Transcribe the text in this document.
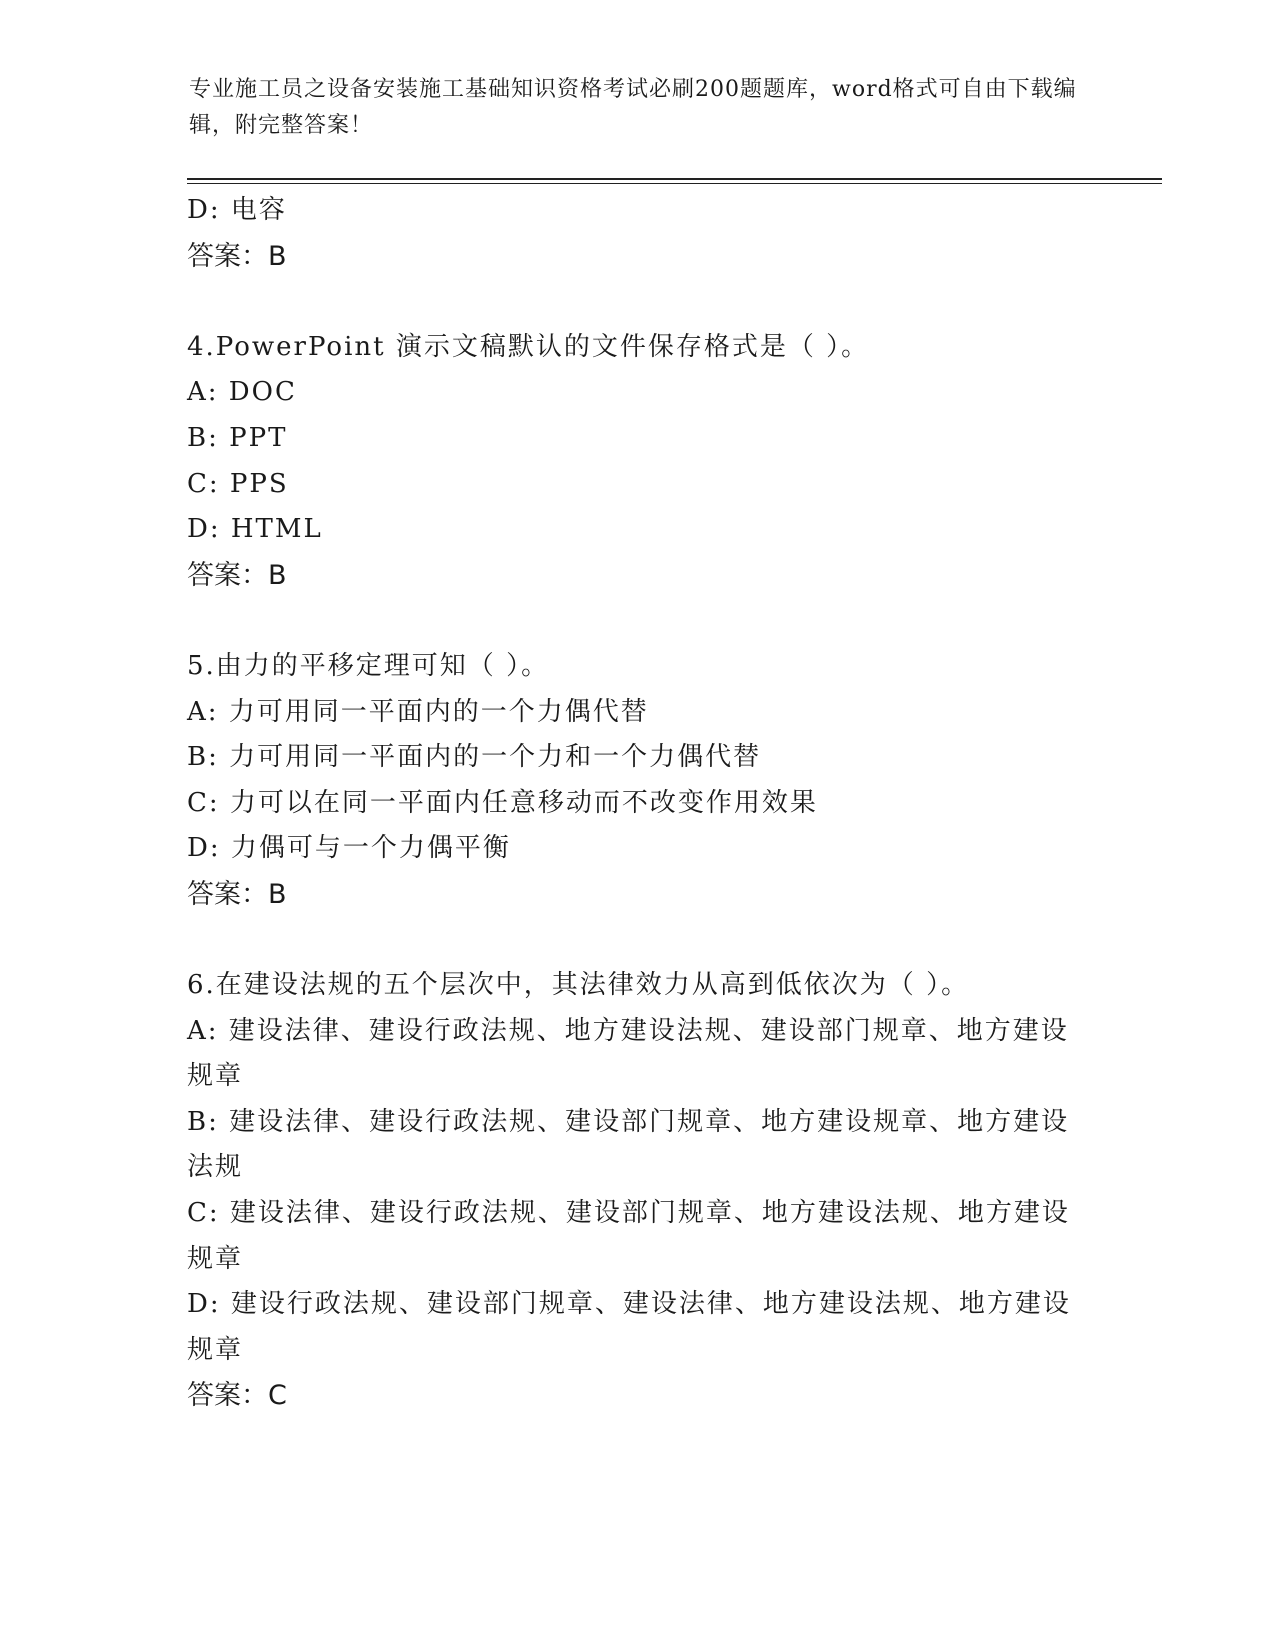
专业施工员之设备安装施工基础知识资格考试必刷200题题库，word格式可自由下载编辑，附完整答案！
D: 电容
答案：B
4.PowerPoint 演示文稿默认的文件保存格式是（ ）。
A: DOC
B: PPT
C: PPS
D: HTML
答案：B
5.由力的平移定理可知（ ）。
A: 力可用同一平面内的一个力偶代替
B: 力可用同一平面内的一个力和一个力偶代替
C: 力可以在同一平面内任意移动而不改变作用效果
D: 力偶可与一个力偶平衡
答案：B
6.在建设法规的五个层次中，其法律效力从高到低依次为（ ）。
A: 建设法律、建设行政法规、地方建设法规、建设部门规章、地方建设规章
B: 建设法律、建设行政法规、建设部门规章、地方建设规章、地方建设法规
C: 建设法律、建设行政法规、建设部门规章、地方建设法规、地方建设规章
D: 建设行政法规、建设部门规章、建设法律、地方建设法规、地方建设规章
答案：C
